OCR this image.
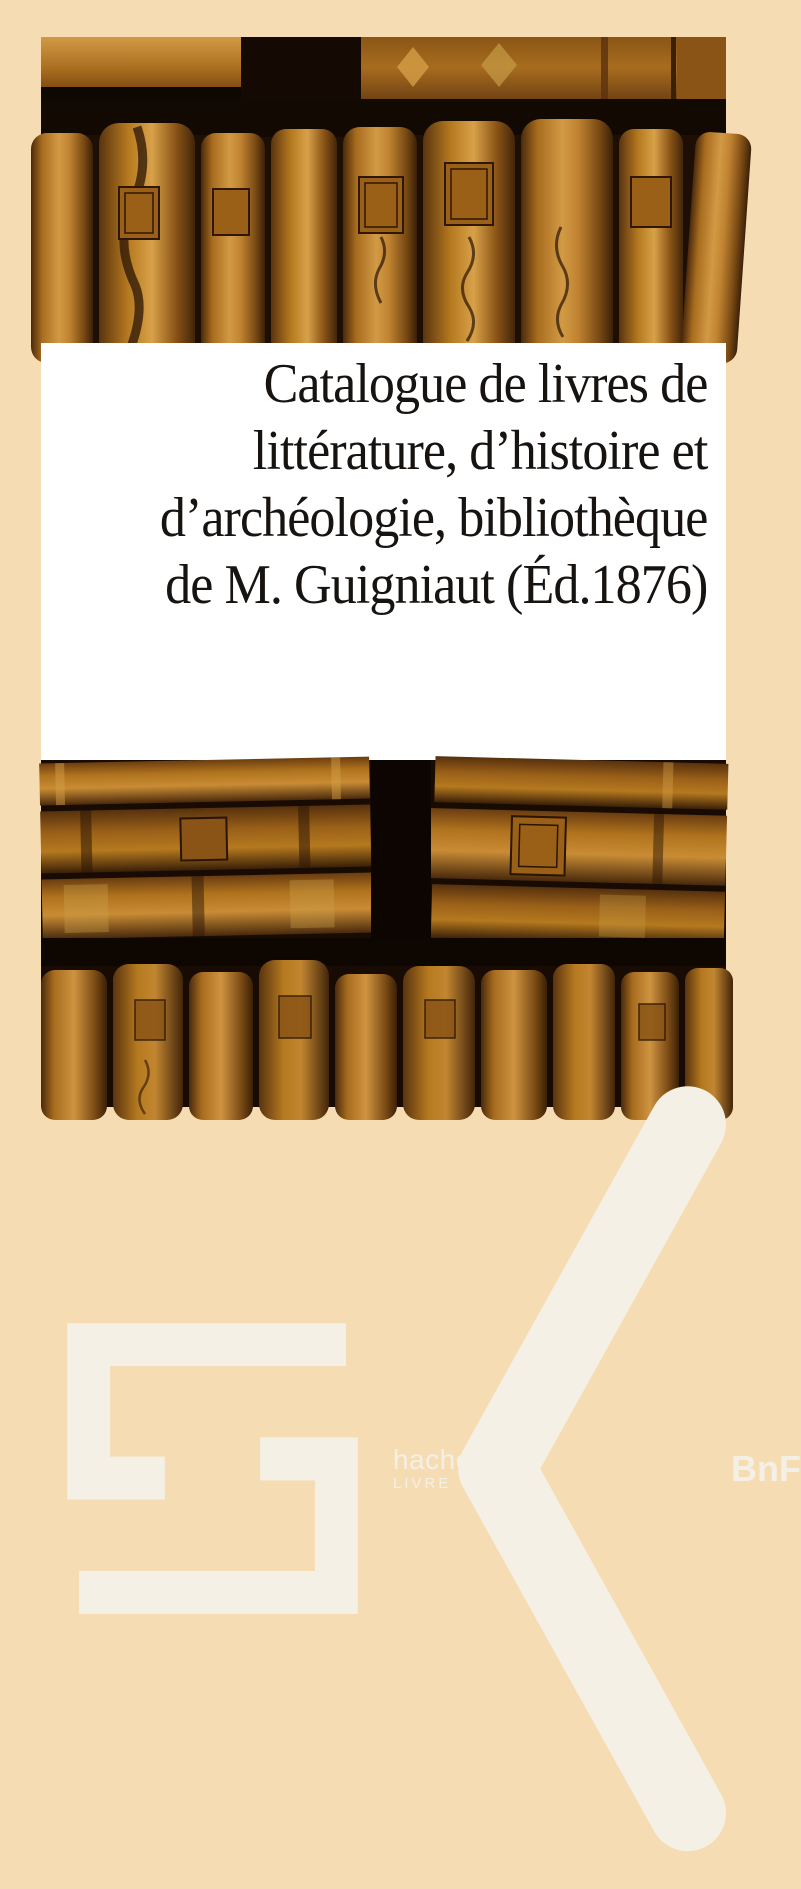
Catalogue de livres de
littérature, d’histoire et
d’archéologie, bibliothèque
de M. Guigniaut (Éd.1876)
hachette
LIVRE	BnF
